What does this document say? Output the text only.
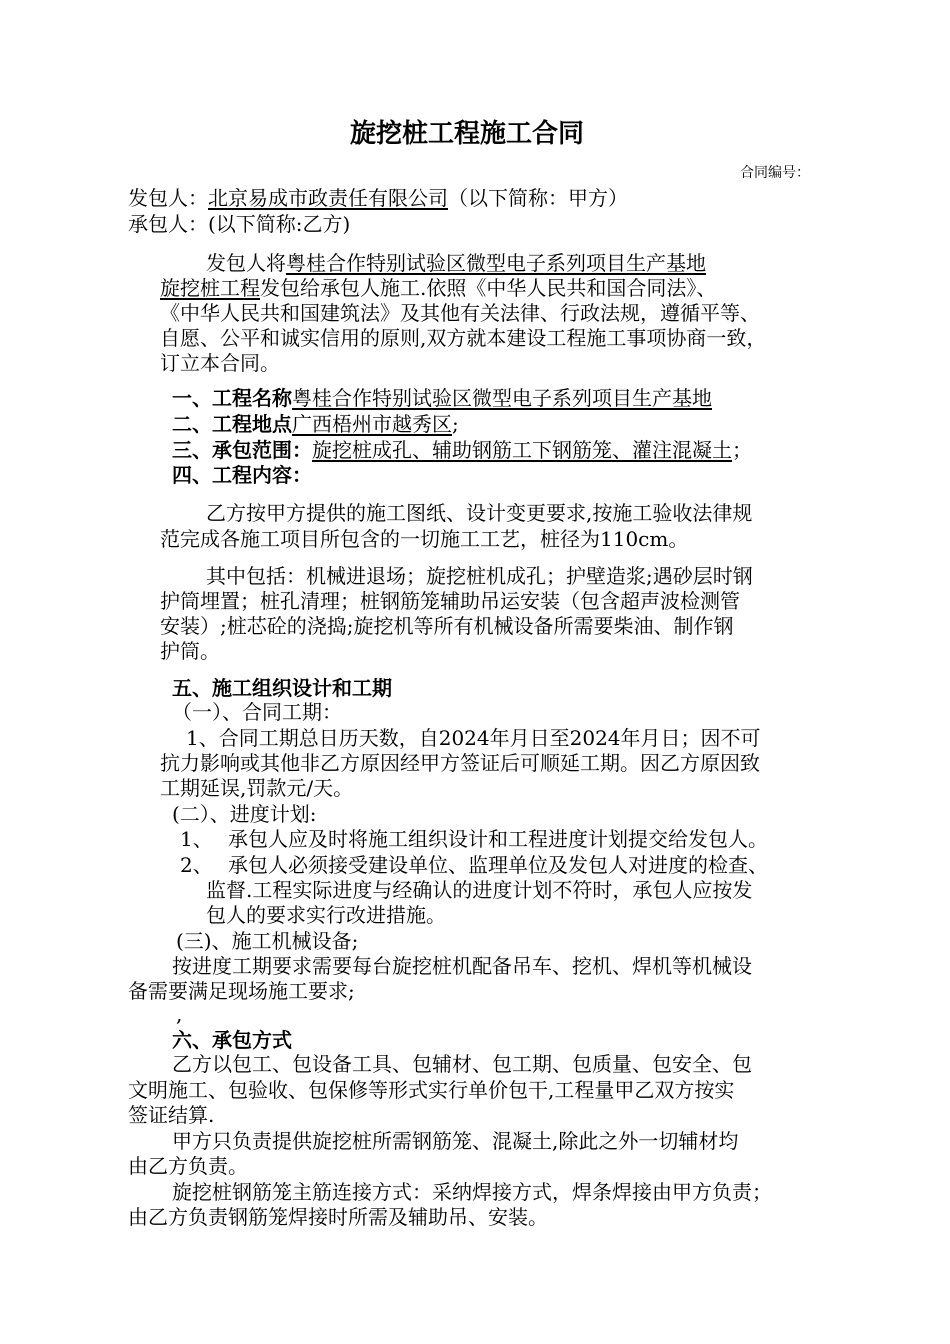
旋挖桩工程施工合同
合同编号：
发包人：北京易成市政责任有限公司（以下简称：甲方）
承包人：(以下简称:乙方)
发包人将粤桂合作特别试验区微型电子系列项目生产基地
旋挖桩工程发包给承包人施工.依照《中华人民共和国合同法》、
《中华人民共和国建筑法》及其他有关法律、行政法规，遵循平等、
自愿、公平和诚实信用的原则,双方就本建设工程施工事项协商一致，
订立本合同。
一、工程名称粤桂合作特别试验区微型电子系列项目生产基地
二、工程地点广西梧州市越秀区;
三、承包范围：旋挖桩成孔、辅助钢筋工下钢筋笼、灌注混凝土；
四、工程内容：
乙方按甲方提供的施工图纸、设计变更要求,按施工验收法律规
范完成各施工项目所包含的一切施工工艺，桩径为110cm。
其中包括：机械进退场；旋挖桩机成孔；护壁造浆;遇砂层时钢
护筒埋置；桩孔清理；桩钢筋笼辅助吊运安装（包含超声波检测管
安装）;桩芯砼的浇捣;旋挖机等所有机械设备所需要柴油、制作钢
护筒。
五、施工组织设计和工期
（一）、合同工期：
1、合同工期总日历天数，自2024年月日至2024年月日；因不可
抗力影响或其他非乙方原因经甲方签证后可顺延工期。因乙方原因致
工期延误,罚款元/天。
(二）、进度计划:
1、 承包人应及时将施工组织设计和工程进度计划提交给发包人。
2、 承包人必须接受建设单位、监理单位及发包人对进度的检查、
监督.工程实际进度与经确认的进度计划不符时，承包人应按发
包人的要求实行改进措施。
(三)、施工机械设备;
按进度工期要求需要每台旋挖桩机配备吊车、挖机、焊机等机械设
备需要满足现场施工要求;
,
六、承包方式
乙方以包工、包设备工具、包辅材、包工期、包质量、包安全、包
文明施工、包验收、包保修等形式实行单价包干,工程量甲乙双方按实
签证结算.
甲方只负责提供旋挖桩所需钢筋笼、混凝土,除此之外一切辅材均
由乙方负责。
旋挖桩钢筋笼主筋连接方式：采纳焊接方式，焊条焊接由甲方负责；
由乙方负责钢筋笼焊接时所需及辅助吊、安装。
